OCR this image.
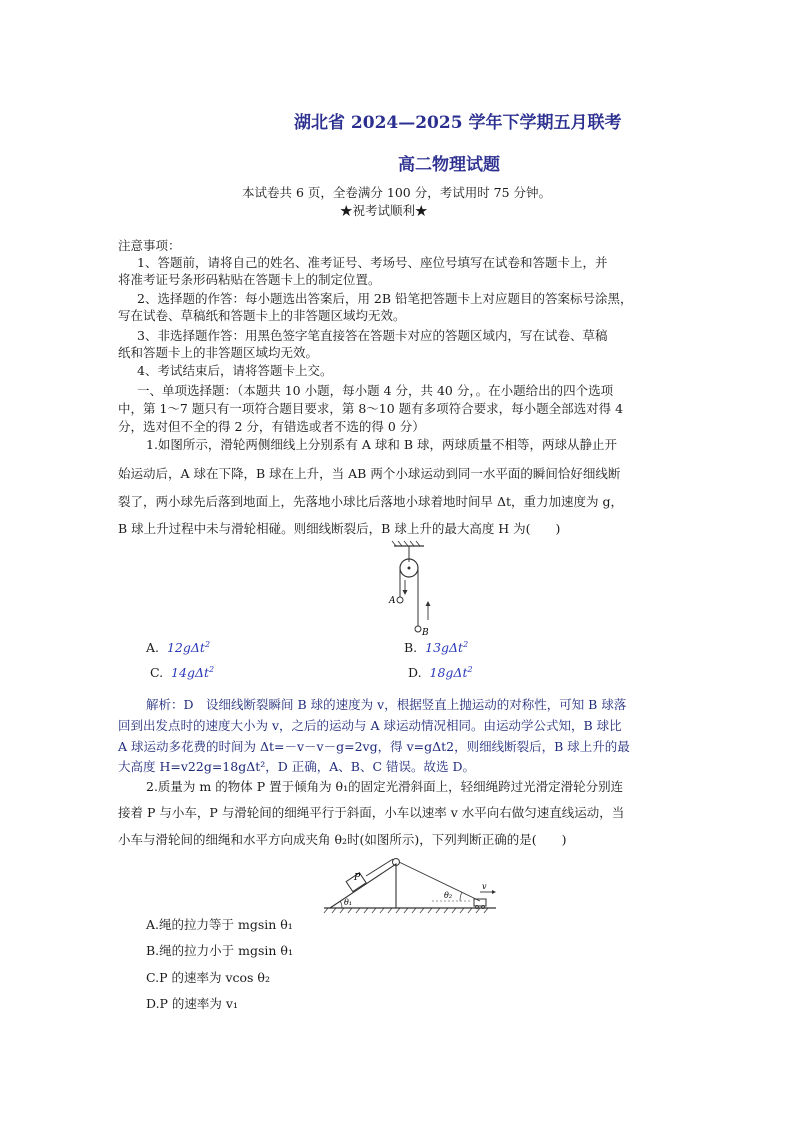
湖北省 2024—2025 学年下学期五月联考
高二物理试题
本试卷共 6 页，全卷满分 100 分，考试用时 75 分钟。
★祝考试顺利★
注意事项：
1、答题前，请将自己的姓名、准考证号、考场号、座位号填写在试卷和答题卡上，并
将准考证号条形码粘贴在答题卡上的制定位置。
2、选择题的作答：每小题选出答案后，用 2B 铅笔把答题卡上对应题目的答案标号涂黑，
写在试卷、草稿纸和答题卡上的非答题区域均无效。
3、非选择题作答：用黑色签字笔直接答在答题卡对应的答题区域内，写在试卷、草稿
纸和答题卡上的非答题区域均无效。
4、考试结束后，请将答题卡上交。
一、单项选择题：（本题共 10 小题，每小题 4 分，共 40 分，。在小题给出的四个选项
中，第 1～7 题只有一项符合题目要求，第 8～10 题有多项符合要求，每小题全部选对得 4
分，选对但不全的得 2 分，有错选或者不选的得 0 分）
1.如图所示，滑轮两侧细线上分别系有 A 球和 B 球，两球质量不相等，两球从静止开
始运动后，A 球在下降，B 球在上升，当 AB 两个小球运动到同一水平面的瞬间恰好细线断
裂了，两小球先后落到地面上，先落地小球比后落地小球着地时间早 Δt，重力加速度为 g，
B 球上升过程中未与滑轮相碰。则细线断裂后，B 球上升的最大高度 H 为(　　)
A
B
A. 12gΔt$^2$	B. 13gΔt$^2$
C. 14gΔt$^2$	D. 18gΔt$^2$
解析：D　设细线断裂瞬间 B 球的速度为 v，根据竖直上抛运动的对称性，可知 B 球落
回到出发点时的速度大小为 v，之后的运动与 A 球运动情况相同。由运动学公式知，B 球比
A 球运动多花费的时间为 Δt=－v－v－g=2vg，得 v=gΔt2，则细线断裂后，B 球上升的最
大高度 H=v22g=18gΔt²，D 正确，A、B、C 错误。故选 D。
2.质量为 m 的物体 P 置于倾角为 θ₁的固定光滑斜面上，轻细绳跨过光滑定滑轮分别连
接着 P 与小车，P 与滑轮间的细绳平行于斜面，小车以速率 v 水平向右做匀速直线运动，当
小车与滑轮间的细绳和水平方向成夹角 θ₂时(如图所示)，下列判断正确的是(　　)
P
θ₁
θ₂
v
A.绳的拉力等于 mgsin θ₁
B.绳的拉力小于 mgsin θ₁
C.P 的速率为 vcos θ₂
D.P 的速率为 v₁
